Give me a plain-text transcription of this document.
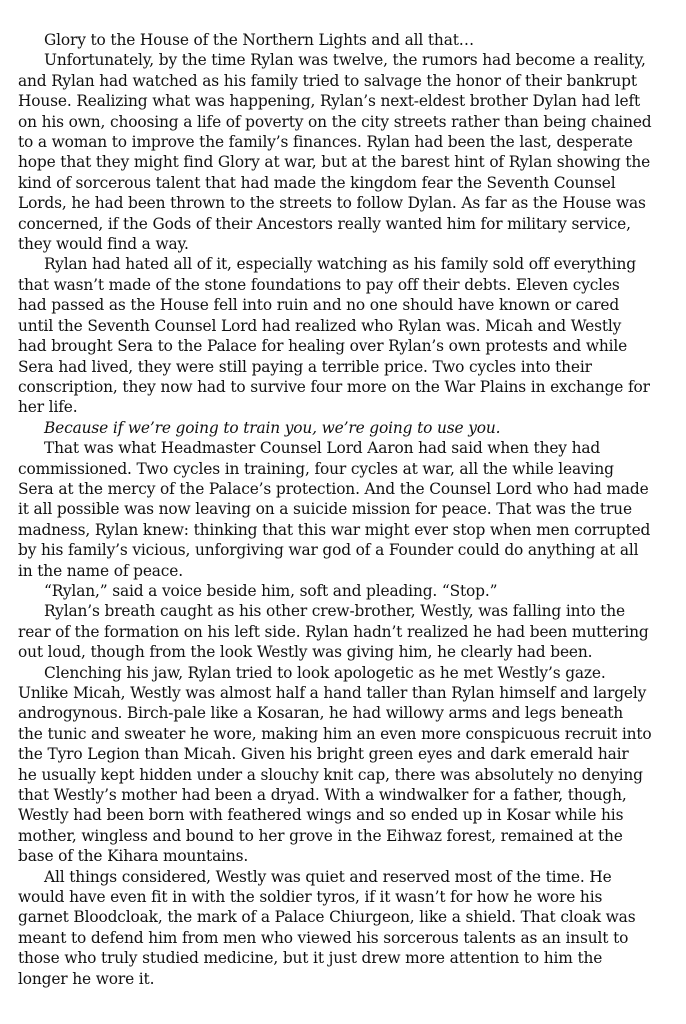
Glory to the House of the Northern Lights and all that…

Unfortunately, by the time Rylan was twelve, the rumors had become a reality, and Rylan had watched as his family tried to salvage the honor of their bankrupt House. Realizing what was happening, Rylan’s next-eldest brother Dylan had left on his own, choosing a life of poverty on the city streets rather than being chained to a woman to improve the family’s finances. Rylan had been the last, desperate hope that they might find Glory at war, but at the barest hint of Rylan showing the kind of sorcerous talent that had made the kingdom fear the Seventh Counsel Lords, he had been thrown to the streets to follow Dylan. As far as the House was concerned, if the Gods of their Ancestors really wanted him for military service, they would find a way.

Rylan had hated all of it, especially watching as his family sold off everything that wasn’t made of the stone foundations to pay off their debts. Eleven cycles had passed as the House fell into ruin and no one should have known or cared until the Seventh Counsel Lord had realized who Rylan was. Micah and Westly had brought Sera to the Palace for healing over Rylan’s own protests and while Sera had lived, they were still paying a terrible price. Two cycles into their conscription, they now had to survive four more on the War Plains in exchange for her life.

Because if we’re going to train you, we’re going to use you.

That was what Headmaster Counsel Lord Aaron had said when they had commissioned. Two cycles in training, four cycles at war, all the while leaving Sera at the mercy of the Palace’s protection. And the Counsel Lord who had made it all possible was now leaving on a suicide mission for peace. That was the true madness, Rylan knew: thinking that this war might ever stop when men corrupted by his family’s vicious, unforgiving war god of a Founder could do anything at all in the name of peace.

“Rylan,” said a voice beside him, soft and pleading. “Stop.”

Rylan’s breath caught as his other crew-brother, Westly, was falling into the rear of the formation on his left side. Rylan hadn’t realized he had been muttering out loud, though from the look Westly was giving him, he clearly had been.

Clenching his jaw, Rylan tried to look apologetic as he met Westly’s gaze. Unlike Micah, Westly was almost half a hand taller than Rylan himself and largely androgynous. Birch-pale like a Kosaran, he had willowy arms and legs beneath the tunic and sweater he wore, making him an even more conspicuous recruit into the Tyro Legion than Micah. Given his bright green eyes and dark emerald hair he usually kept hidden under a slouchy knit cap, there was absolutely no denying that Westly’s mother had been a dryad. With a windwalker for a father, though, Westly had been born with feathered wings and so ended up in Kosar while his mother, wingless and bound to her grove in the Eihwaz forest, remained at the base of the Kihara mountains.

All things considered, Westly was quiet and reserved most of the time. He would have even fit in with the soldier tyros, if it wasn’t for how he wore his garnet Bloodcloak, the mark of a Palace Chiurgeon, like a shield. That cloak was meant to defend him from men who viewed his sorcerous talents as an insult to those who truly studied medicine, but it just drew more attention to him the longer he wore it.
